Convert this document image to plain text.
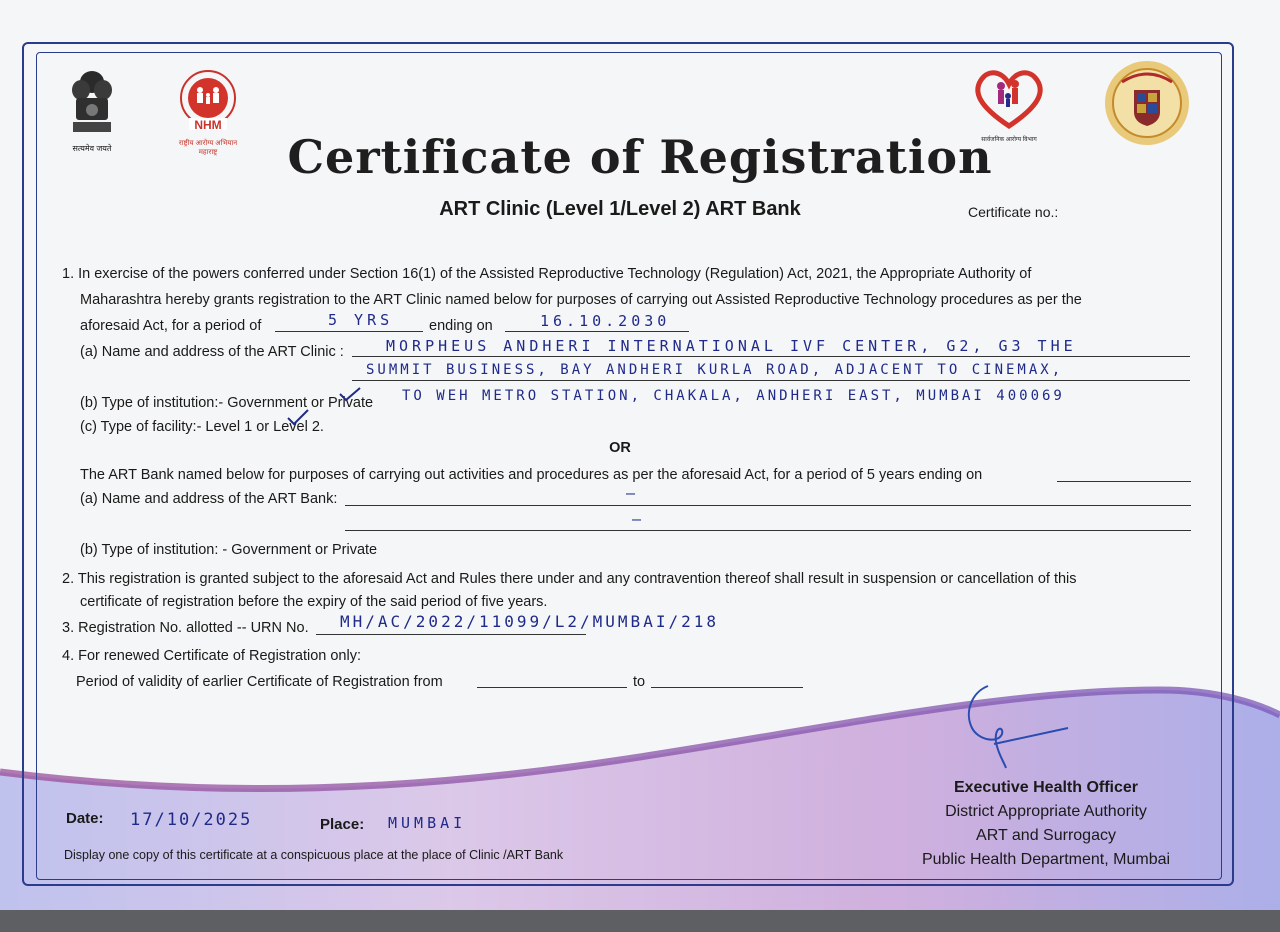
सत्यमेव जयते
NHM
राष्ट्रीय आरोग्य अभियान
महाराष्ट्र
सार्वजनिक आरोग्य विभाग
Certificate of Registration
ART Clinic (Level 1/Level 2) ART Bank	Certificate no.:
1. In exercise of the powers conferred under Section 16(1) of the Assisted Reproductive Technology (Regulation) Act, 2021, the Appropriate Authority of
Maharashtra hereby grants registration to the ART Clinic named below for purposes of carrying out Assisted Reproductive Technology procedures as per the
aforesaid Act, for a period of	5 YRS ending on	16.10.2030
(a) Name and address of the ART Clinic :	MORPHEUS ANDHERI INTERNATIONAL IVF CENTER, G2, G3 THE
SUMMIT BUSINESS, BAY ANDHERI KURLA ROAD, ADJACENT TO CINEMAX,
TO WEH METRO STATION, CHAKALA, ANDHERI EAST, MUMBAI 400069
(b) Type of institution:- Government or Private
(c) Type of facility:- Level 1 or Level 2.
OR
The ART Bank named below for purposes of carrying out activities and procedures as per the aforesaid Act, for a period of 5 years ending on
(a) Name and address of the ART Bank:	—
—
(b) Type of institution: - Government or Private
2. This registration is granted subject to the aforesaid Act and Rules there under and any contravention thereof shall result in suspension or cancellation of this
certificate of registration before the expiry of the said period of five years.
3. Registration No. allotted -- URN No. MH/AC/2022/11099/L2/MUMBAI/218
4. For renewed Certificate of Registration only:
Period of validity of earlier Certificate of Registration from	to
Date: 17/10/2025	Place: MUMBAI
Display one copy of this certificate at a conspicuous place at the place of Clinic /ART Bank
Executive Health Officer
District Appropriate Authority
ART and Surrogacy
Public Health Department, Mumbai
